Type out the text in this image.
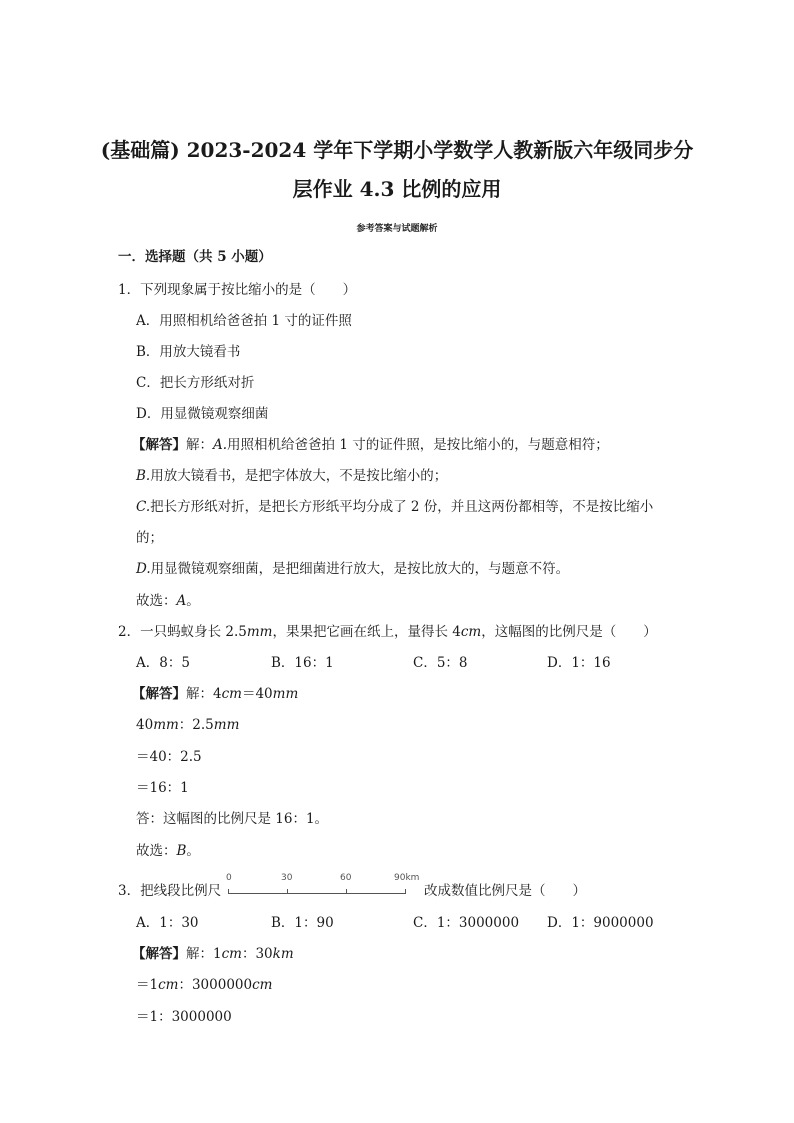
(基础篇) 2023-2024 学年下学期小学数学人教新版六年级同步分
层作业 4.3 比例的应用
参考答案与试题解析
一．选择题（共 5 小题）
1．下列现象属于按比缩小的是（　　）
A．用照相机给爸爸拍 1 寸的证件照
B．用放大镜看书
C．把长方形纸对折
D．用显微镜观察细菌
【解答】解：A.用照相机给爸爸拍 1 寸的证件照，是按比缩小的，与题意相符；
B.用放大镜看书，是把字体放大，不是按比缩小的；
C.把长方形纸对折，是把长方形纸平均分成了 2 份，并且这两份都相等，不是按比缩小
的；
D.用显微镜观察细菌，是把细菌进行放大，是按比放大的，与题意不符。
故选：A。
2．一只蚂蚁身长 2.5mm，果果把它画在纸上，量得长 4cm，这幅图的比例尺是（　　）
A．8：5	B．16：1	C．5：8	D．1：16
【解答】解：4cm＝40mm
40mm：2.5mm
＝40：2.5
＝16：1
答：这幅图的比例尺是 16：1。
故选：B。
3．把线段比例尺
0	30	60	90km
改成数值比例尺是（　　）
A．1：30	B．1：90	C．1：3000000 D．1：9000000
【解答】解：1cm：30km
＝1cm：3000000cm
＝1：3000000
